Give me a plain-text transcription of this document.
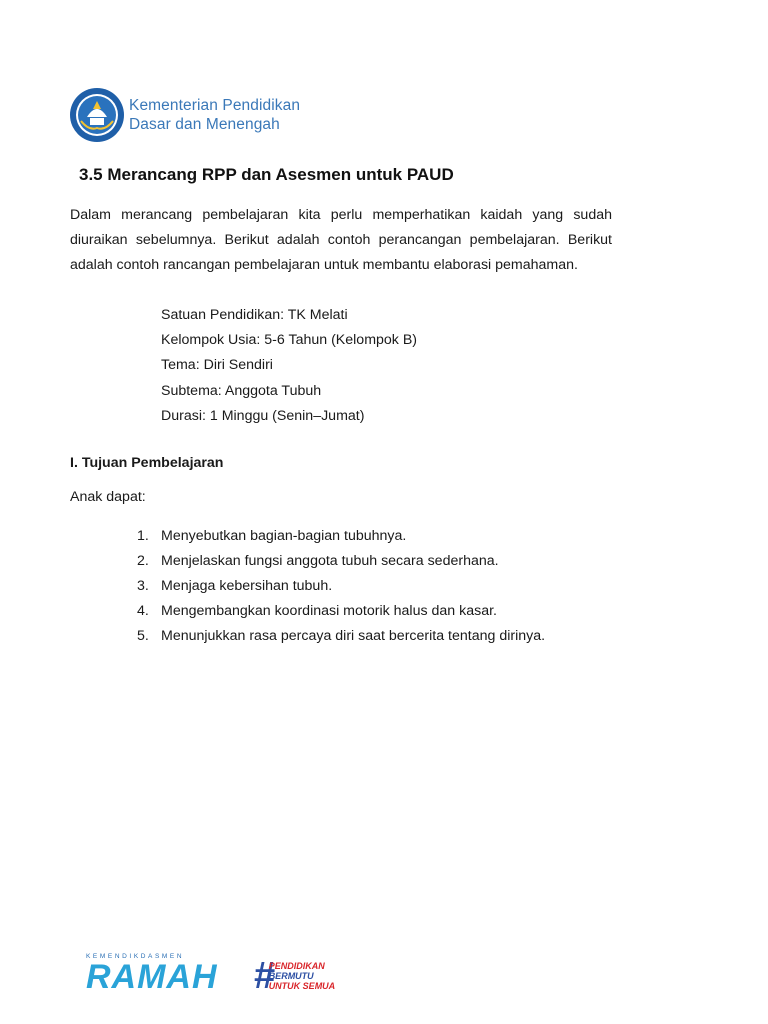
Kementerian Pendidikan
Dasar dan Menengah
3.5 Merancang RPP dan Asesmen untuk PAUD

Dalam merancang pembelajaran kita perlu memperhatikan kaidah yang sudah diuraikan sebelumnya. Berikut adalah contoh perancangan pembelajaran. Berikut adalah contoh rancangan pembelajaran untuk membantu elaborasi pemahaman.

Satuan Pendidikan: TK Melati
Kelompok Usia: 5-6 Tahun (Kelompok B)
Tema: Diri Sendiri
Subtema: Anggota Tubuh
Durasi: 1 Minggu (Senin–Jumat)
I. Tujuan Pembelajaran

Anak dapat:

1. Menyebutkan bagian-bagian tubuhnya.
2. Menjelaskan fungsi anggota tubuh secara sederhana.
3. Menjaga kebersihan tubuh.
4. Mengembangkan koordinasi motorik halus dan kasar.
5. Menunjukkan rasa percaya diri saat bercerita tentang dirinya.
KEMENDIKDASMEN
RAMAH #
PENDIDIKAN
BERMUTU
UNTUK SEMUA
